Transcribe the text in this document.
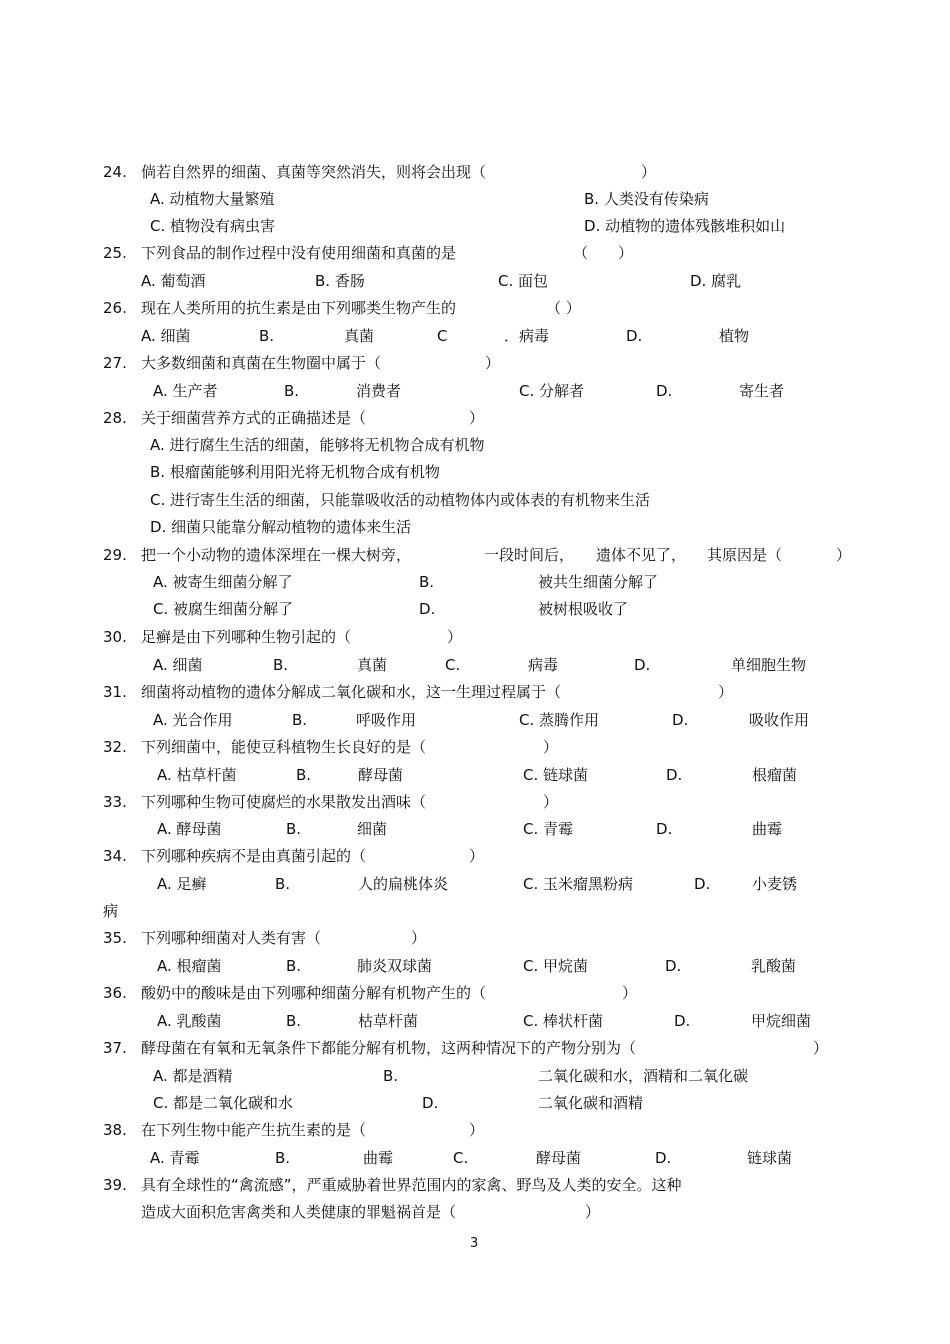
24. 倘若自然界的细菌、真菌等突然消失，则将会出现（	）
A. 动植物大量繁殖	B. 人类没有传染病
C. 植物没有病虫害	D. 动植物的遗体残骸堆积如山
25. 下列食品的制作过程中没有使用细菌和真菌的是	（　　）
A. 葡萄酒	B. 香肠	C. 面包	D. 腐乳
26. 现在人类所用的抗生素是由下列哪类生物产生的	（ ）
A. 细菌	B.	真菌	C	．病毒	D.	植物
27. 大多数细菌和真菌在生物圈中属于（	）
A. 生产者	B.	消费者	C. 分解者	D.	寄生者
28. 关于细菌营养方式的正确描述是（	）
A. 进行腐生生活的细菌，能够将无机物合成有机物
B. 根瘤菌能够利用阳光将无机物合成有机物
C. 进行寄生生活的细菌，只能靠吸收活的动植物体内或体表的有机物来生活
D. 细菌只能靠分解动植物的遗体来生活
29. 把一个小动物的遗体深埋在一棵大树旁，	一段时间后， 遗体不见了， 其原因是（	）
A. 被寄生细菌分解了	B.	被共生细菌分解了
C. 被腐生细菌分解了	D.	被树根吸收了
30. 足癣是由下列哪种生物引起的（	）
A. 细菌	B.	真菌	C.	病毒	D.	单细胞生物
31. 细菌将动植物的遗体分解成二氧化碳和水，这一生理过程属于（	）
A. 光合作用	B.	呼吸作用	C. 蒸腾作用	D.	吸收作用
32. 下列细菌中，能使豆科植物生长良好的是（	）
A. 枯草杆菌	B.	酵母菌	C. 链球菌	D.	根瘤菌
33. 下列哪种生物可使腐烂的水果散发出酒味（	）
A. 酵母菌	B.	细菌	C. 青霉	D.	曲霉
34. 下列哪种疾病不是由真菌引起的（	）
A. 足癣	B.	人的扁桃体炎	C. 玉米瘤黑粉病	D.	小麦锈
病
35. 下列哪种细菌对人类有害（	）
A. 根瘤菌	B.	肺炎双球菌	C. 甲烷菌	D.	乳酸菌
36. 酸奶中的酸味是由下列哪种细菌分解有机物产生的（	）
A. 乳酸菌	B.	枯草杆菌	C. 棒状杆菌	D.	甲烷细菌
37. 酵母菌在有氧和无氧条件下都能分解有机物，这两种情况下的产物分别为（	）
A. 都是酒精	B.	二氧化碳和水，酒精和二氧化碳
C. 都是二氧化碳和水	D.	二氧化碳和酒精
38. 在下列生物中能产生抗生素的是（	）
A. 青霉	B.	曲霉	C.	酵母菌	D.	链球菌
39. 具有全球性的“禽流感”，严重威胁着世界范围内的家禽、野鸟及人类的安全。这种
造成大面积危害禽类和人类健康的罪魁祸首是（	）
3
